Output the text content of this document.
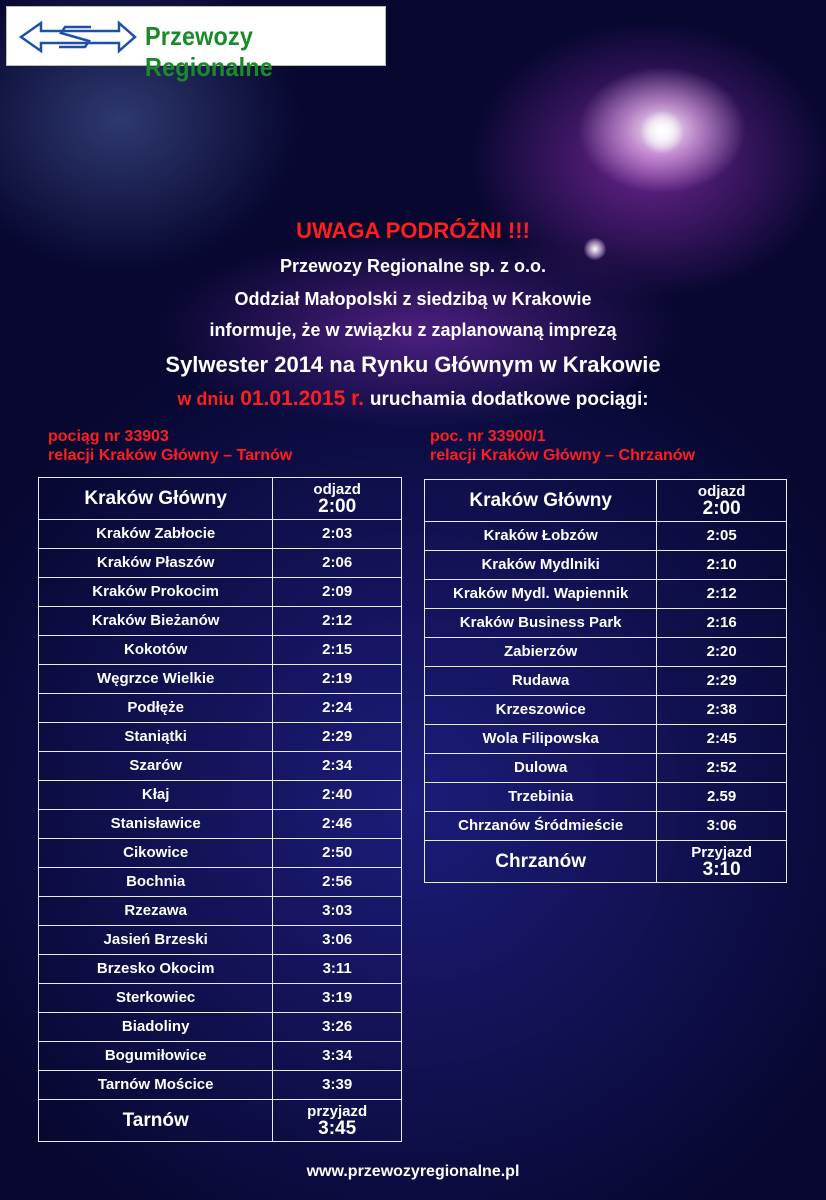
Przewozy Regionalne
UWAGA PODRÓŻNI !!!
Przewozy Regionalne sp. z o.o.
Oddział Małopolski z siedzibą w Krakowie
informuje, że w związku z zaplanowaną imprezą
Sylwester 2014 na Rynku Głównym w Krakowie
w dniu 01.01.2015 r. uruchamia dodatkowe pociągi:
pociąg nr 33903
relacji Kraków Główny – Tarnów
poc. nr 33900/1
relacji Kraków Główny – Chrzanów
Kraków Główny	odjazd
2:00

Kraków Zabłocie	2:03
Kraków Płaszów	2:06
Kraków Prokocim	2:09
Kraków Bieżanów	2:12
Kokotów	2:15
Węgrzce Wielkie	2:19
Podłęże	2:24
Staniątki	2:29
Szarów	2:34
Kłaj	2:40
Stanisławice	2:46
Cikowice	2:50
Bochnia	2:56
Rzezawa	3:03
Jasień Brzeski	3:06
Brzesko Okocim	3:11
Sterkowiec	3:19
Biadoliny	3:26
Bogumiłowice	3:34
Tarnów Mościce	3:39
Tarnów	przyjazd
3:45
Kraków Główny	odjazd
2:00

Kraków Łobzów	2:05
Kraków Mydlniki	2:10
Kraków Mydl. Wapiennik	2:12
Kraków Business Park	2:16
Zabierzów	2:20
Rudawa	2:29
Krzeszowice	2:38
Wola Filipowska	2:45
Dulowa	2:52
Trzebinia	2.59
Chrzanów Śródmieście	3:06
Chrzanów	Przyjazd
3:10
www.przewozyregionalne.pl
